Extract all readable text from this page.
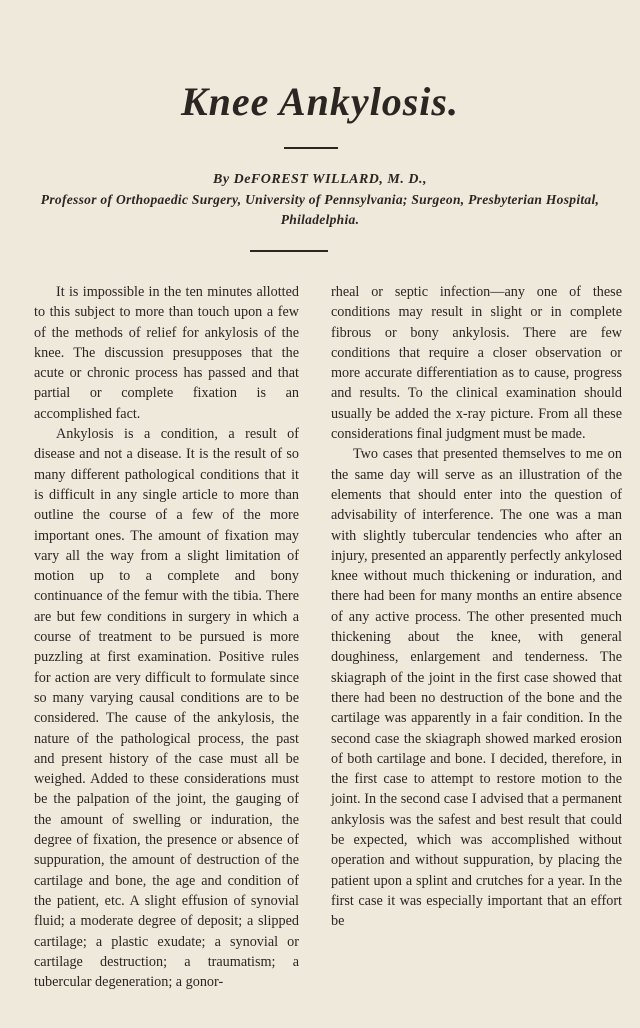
Knee Ankylosis.
By DeFOREST WILLARD, M. D.,
Professor of Orthopaedic Surgery, University of Pennsylvania; Surgeon, Presbyterian Hospital, Philadelphia.

It is impossible in the ten minutes allotted to this subject to more than touch upon a few of the methods of relief for ankylosis of the knee. The discussion presupposes that the acute or chronic process has passed and that partial or complete fixation is an accomplished fact.

Ankylosis is a condition, a result of disease and not a disease. It is the result of so many different pathological conditions that it is difficult in any single article to more than outline the course of a few of the more important ones. The amount of fixation may vary all the way from a slight limitation of motion up to a complete and bony continuance of the femur with the tibia. There are but few conditions in surgery in which a course of treatment to be pursued is more puzzling at first examination. Positive rules for action are very difficult to formulate since so many varying causal conditions are to be considered. The cause of the ankylosis, the nature of the pathological process, the past and present history of the case must all be weighed. Added to these considerations must be the palpation of the joint, the gauging of the amount of swelling or induration, the degree of fixation, the presence or absence of suppuration, the amount of destruction of the cartilage and bone, the age and condition of the patient, etc. A slight effusion of synovial fluid; a moderate degree of deposit; a slipped cartilage; a plastic exudate; a synovial or cartilage destruction; a traumatism; a tubercular degeneration; a gonor-

rheal or septic infection—any one of these conditions may result in slight or in complete fibrous or bony ankylosis. There are few conditions that require a closer observation or more accurate differentiation as to cause, progress and results. To the clinical examination should usually be added the x-ray picture. From all these considerations final judgment must be made.

Two cases that presented themselves to me on the same day will serve as an illustration of the elements that should enter into the question of advisability of interference. The one was a man with slightly tubercular tendencies who after an injury, presented an apparently perfectly ankylosed knee without much thickening or induration, and there had been for many months an entire absence of any active process. The other presented much thickening about the knee, with general doughiness, enlargement and tenderness. The skiagraph of the joint in the first case showed that there had been no destruction of the bone and the cartilage was apparently in a fair condition. In the second case the skiagraph showed marked erosion of both cartilage and bone. I decided, therefore, in the first case to attempt to restore motion to the joint. In the second case I advised that a permanent ankylosis was the safest and best result that could be expected, which was accomplished without operation and without suppuration, by placing the patient upon a splint and crutches for a year. In the first case it was especially important that an effort be
